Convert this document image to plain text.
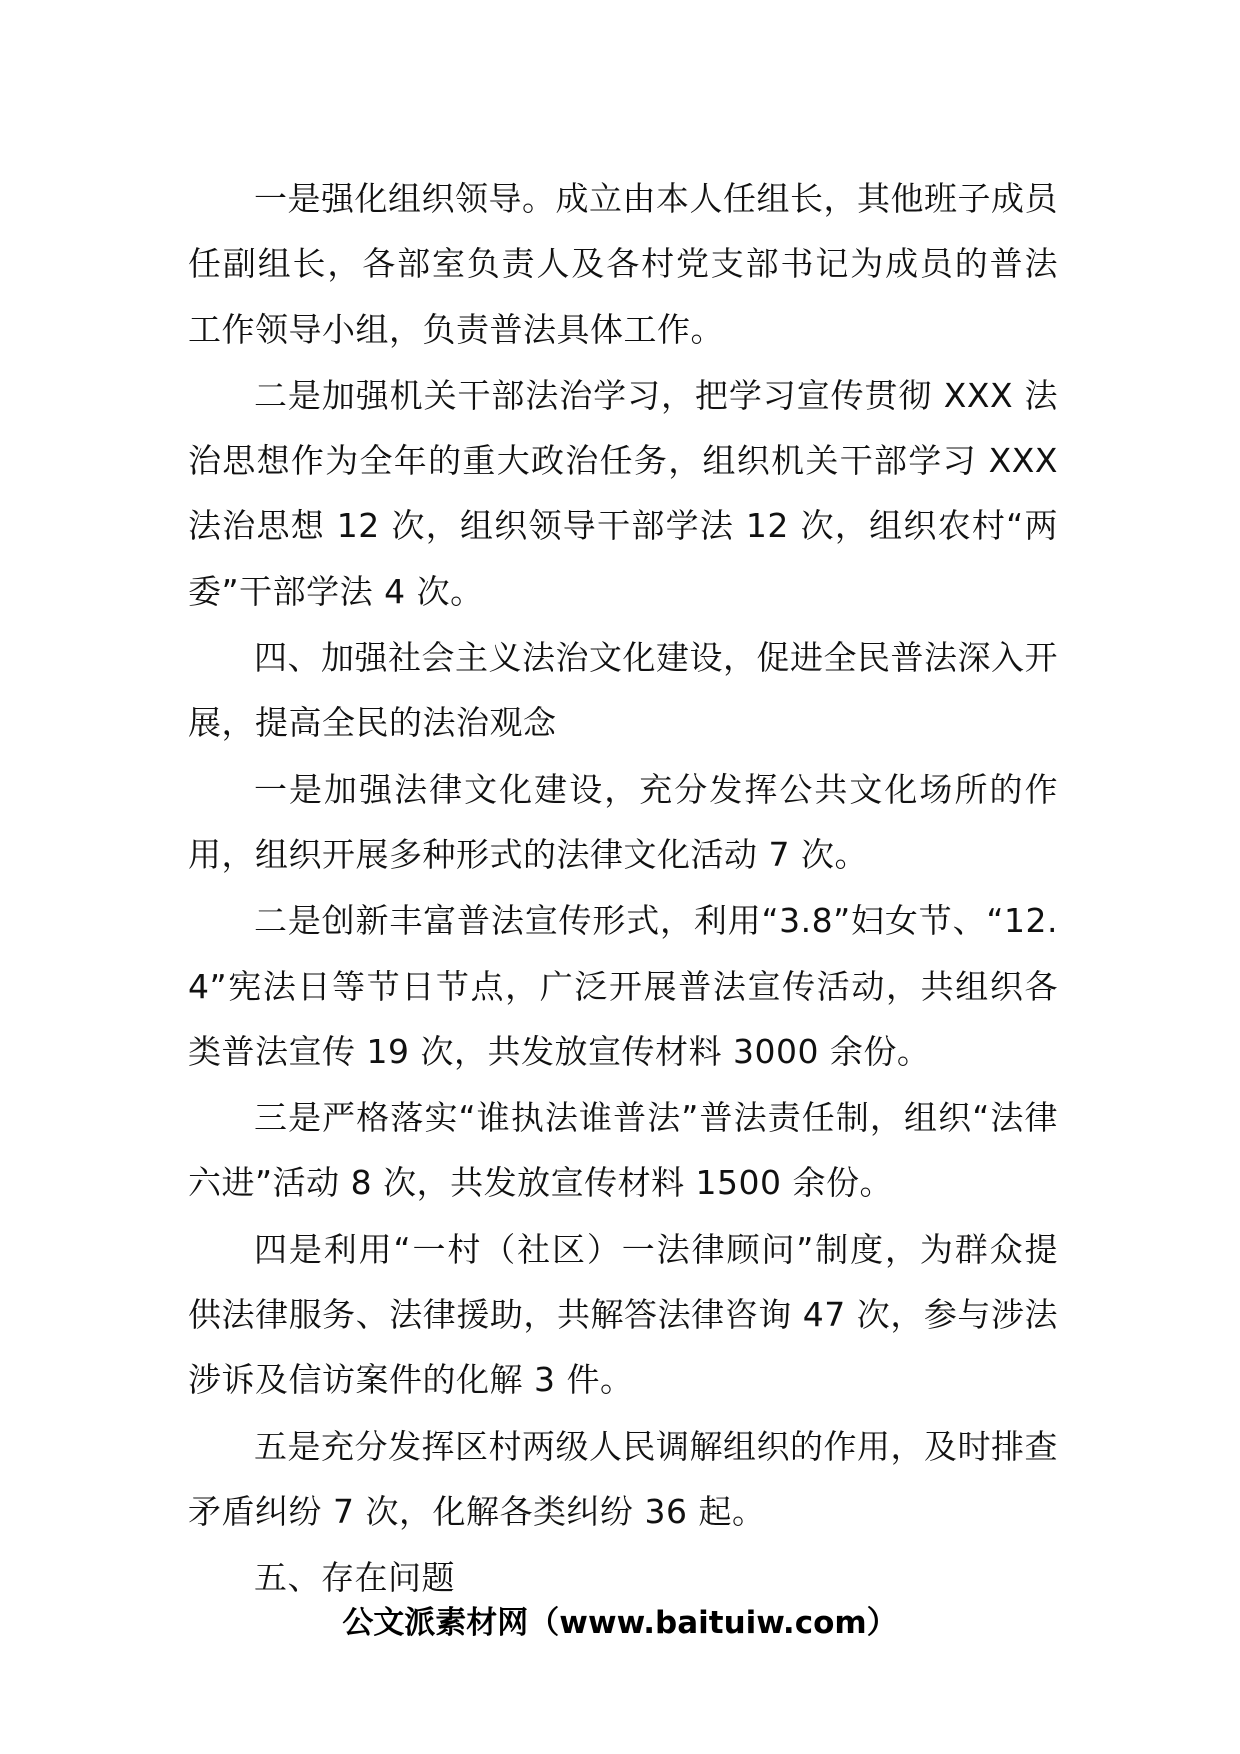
一是强化组织领导。成立由本人任组长，其他班子成员任副组长，各部室负责人及各村党支部书记为成员的普法工作领导小组，负责普法具体工作。

二是加强机关干部法治学习，把学习宣传贯彻 XXX 法治思想作为全年的重大政治任务，组织机关干部学习 XXX 法治思想 12 次，组织领导干部学法 12 次，组织农村“两委”干部学法 4 次。

四、加强社会主义法治文化建设，促进全民普法深入开展，提高全民的法治观念

一是加强法律文化建设，充分发挥公共文化场所的作用，组织开展多种形式的法律文化活动 7 次。

二是创新丰富普法宣传形式，利用“3.8”妇女节、“12.4”宪法日等节日节点，广泛开展普法宣传活动，共组织各类普法宣传 19 次，共发放宣传材料 3000 余份。

三是严格落实“谁执法谁普法”普法责任制，组织“法律六进”活动 8 次，共发放宣传材料 1500 余份。

四是利用“一村（社区）一法律顾问”制度，为群众提供法律服务、法律援助，共解答法律咨询 47 次，参与涉法涉诉及信访案件的化解 3 件。

五是充分发挥区村两级人民调解组织的作用，及时排查矛盾纠纷 7 次，化解各类纠纷 36 起。

五、存在问题

公文派素材网（www.baituiw.com）
